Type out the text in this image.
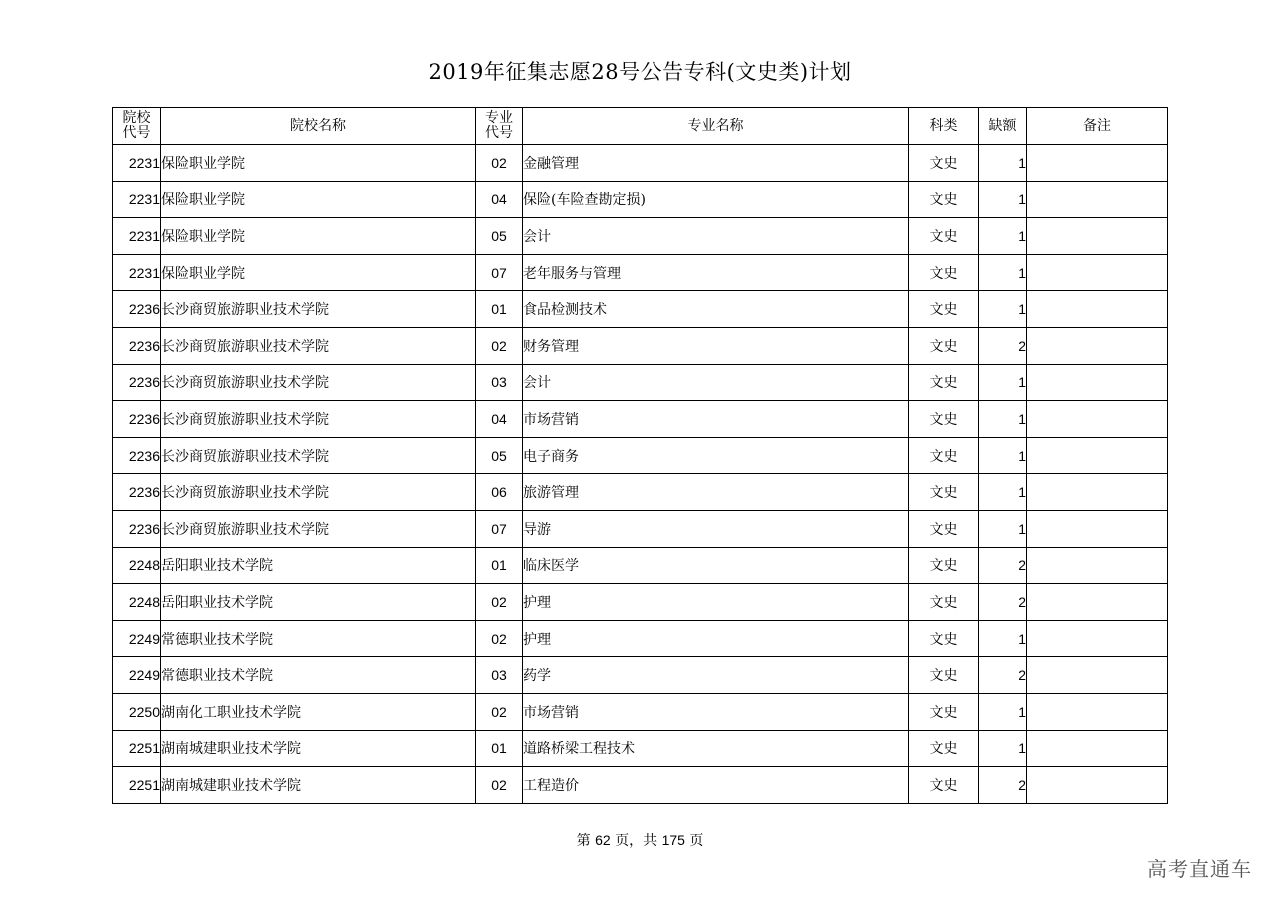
2019年征集志愿28号公告专科(文史类)计划
院校代号	院校名称	专业代号	专业名称	科类	缺额	备注
2231	保险职业学院	02	金融管理	文史	1	
2231	保险职业学院	04	保险(车险查勘定损)	文史	1	
2231	保险职业学院	05	会计	文史	1	
2231	保险职业学院	07	老年服务与管理	文史	1	
2236	长沙商贸旅游职业技术学院	01	食品检测技术	文史	1	
2236	长沙商贸旅游职业技术学院	02	财务管理	文史	2	
2236	长沙商贸旅游职业技术学院	03	会计	文史	1	
2236	长沙商贸旅游职业技术学院	04	市场营销	文史	1	
2236	长沙商贸旅游职业技术学院	05	电子商务	文史	1	
2236	长沙商贸旅游职业技术学院	06	旅游管理	文史	1	
2236	长沙商贸旅游职业技术学院	07	导游	文史	1	
2248	岳阳职业技术学院	01	临床医学	文史	2	
2248	岳阳职业技术学院	02	护理	文史	2	
2249	常德职业技术学院	02	护理	文史	1	
2249	常德职业技术学院	03	药学	文史	2	
2250	湖南化工职业技术学院	02	市场营销	文史	1	
2251	湖南城建职业技术学院	01	道路桥梁工程技术	文史	1	
2251	湖南城建职业技术学院	02	工程造价	文史	2	
第 62 页，共 175 页
高考直通车
